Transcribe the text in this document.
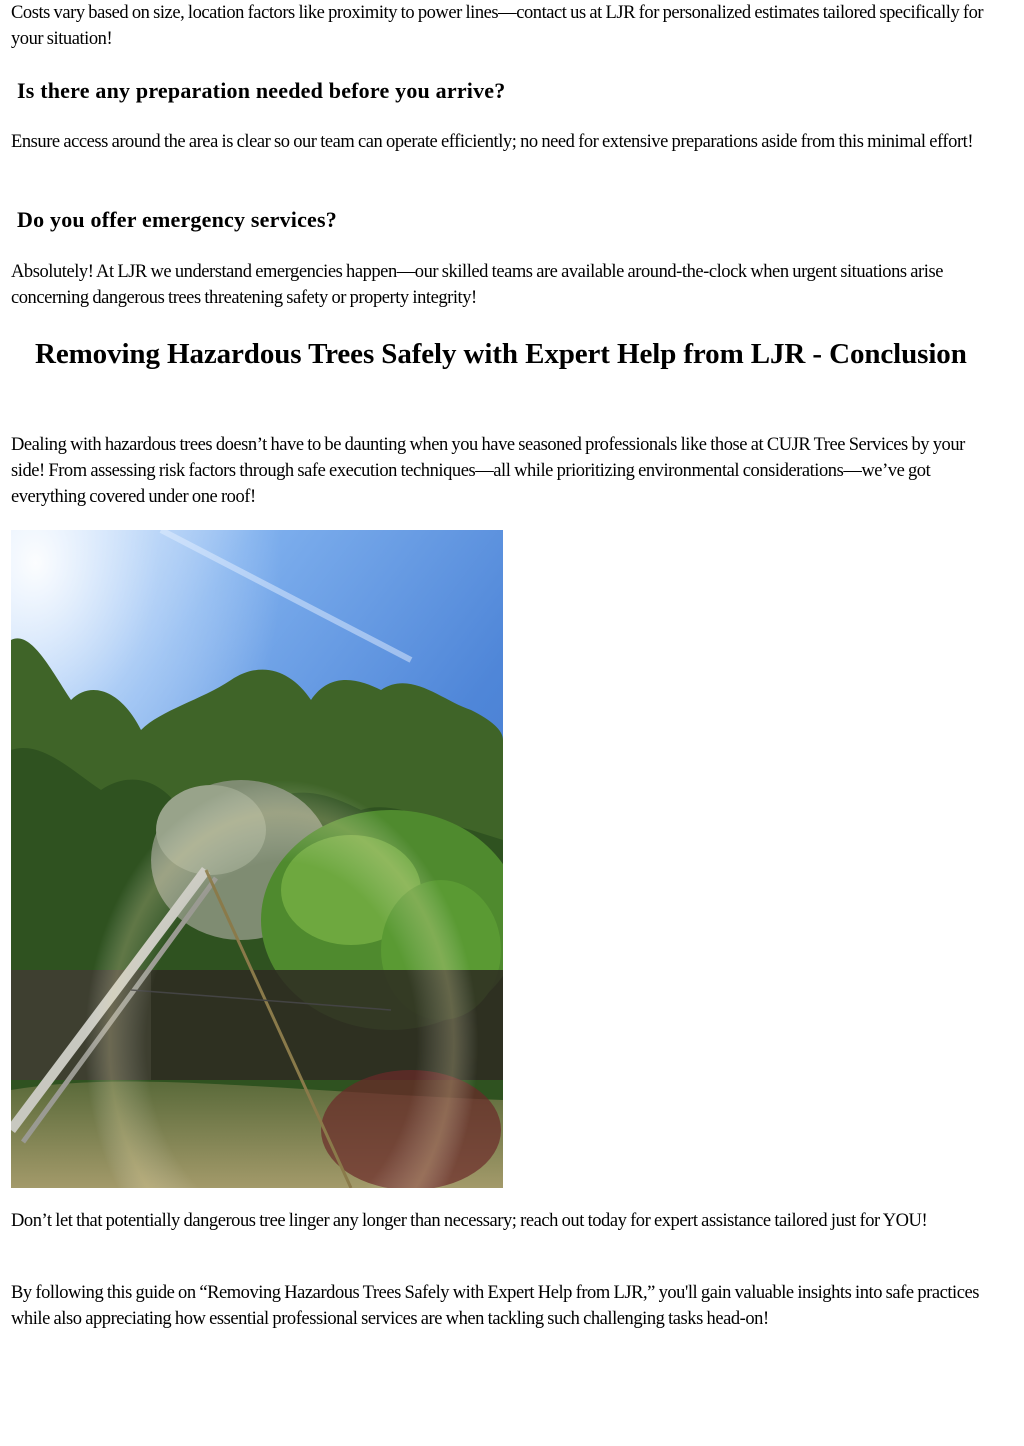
Costs vary based on size, location factors like proximity to power lines—contact us at LJR for personalized estimates tailored specifically for your situation!

Is there any preparation needed before you arrive?

Ensure access around the area is clear so our team can operate efficiently; no need for extensive preparations aside from this minimal effort!

Do you offer emergency services?

Absolutely! At LJR we understand emergencies happen—our skilled teams are available around-the-clock when urgent situations arise concerning dangerous trees threatening safety or property integrity!

Removing Hazardous Trees Safely with Expert Help from LJR - Conclusion

Dealing with hazardous trees doesn’t have to be daunting when you have seasoned professionals like those at CUJR Tree Services by your side! From assessing risk factors through safe execution techniques—all while prioritizing environmental considerations—we’ve got everything covered under one roof!

Don’t let that potentially dangerous tree linger any longer than necessary; reach out today for expert assistance tailored just for YOU!

By following this guide on “Removing Hazardous Trees Safely with Expert Help from LJR,” you'll gain valuable insights into safe practices while also appreciating how essential professional services are when tackling such challenging tasks head-on!
